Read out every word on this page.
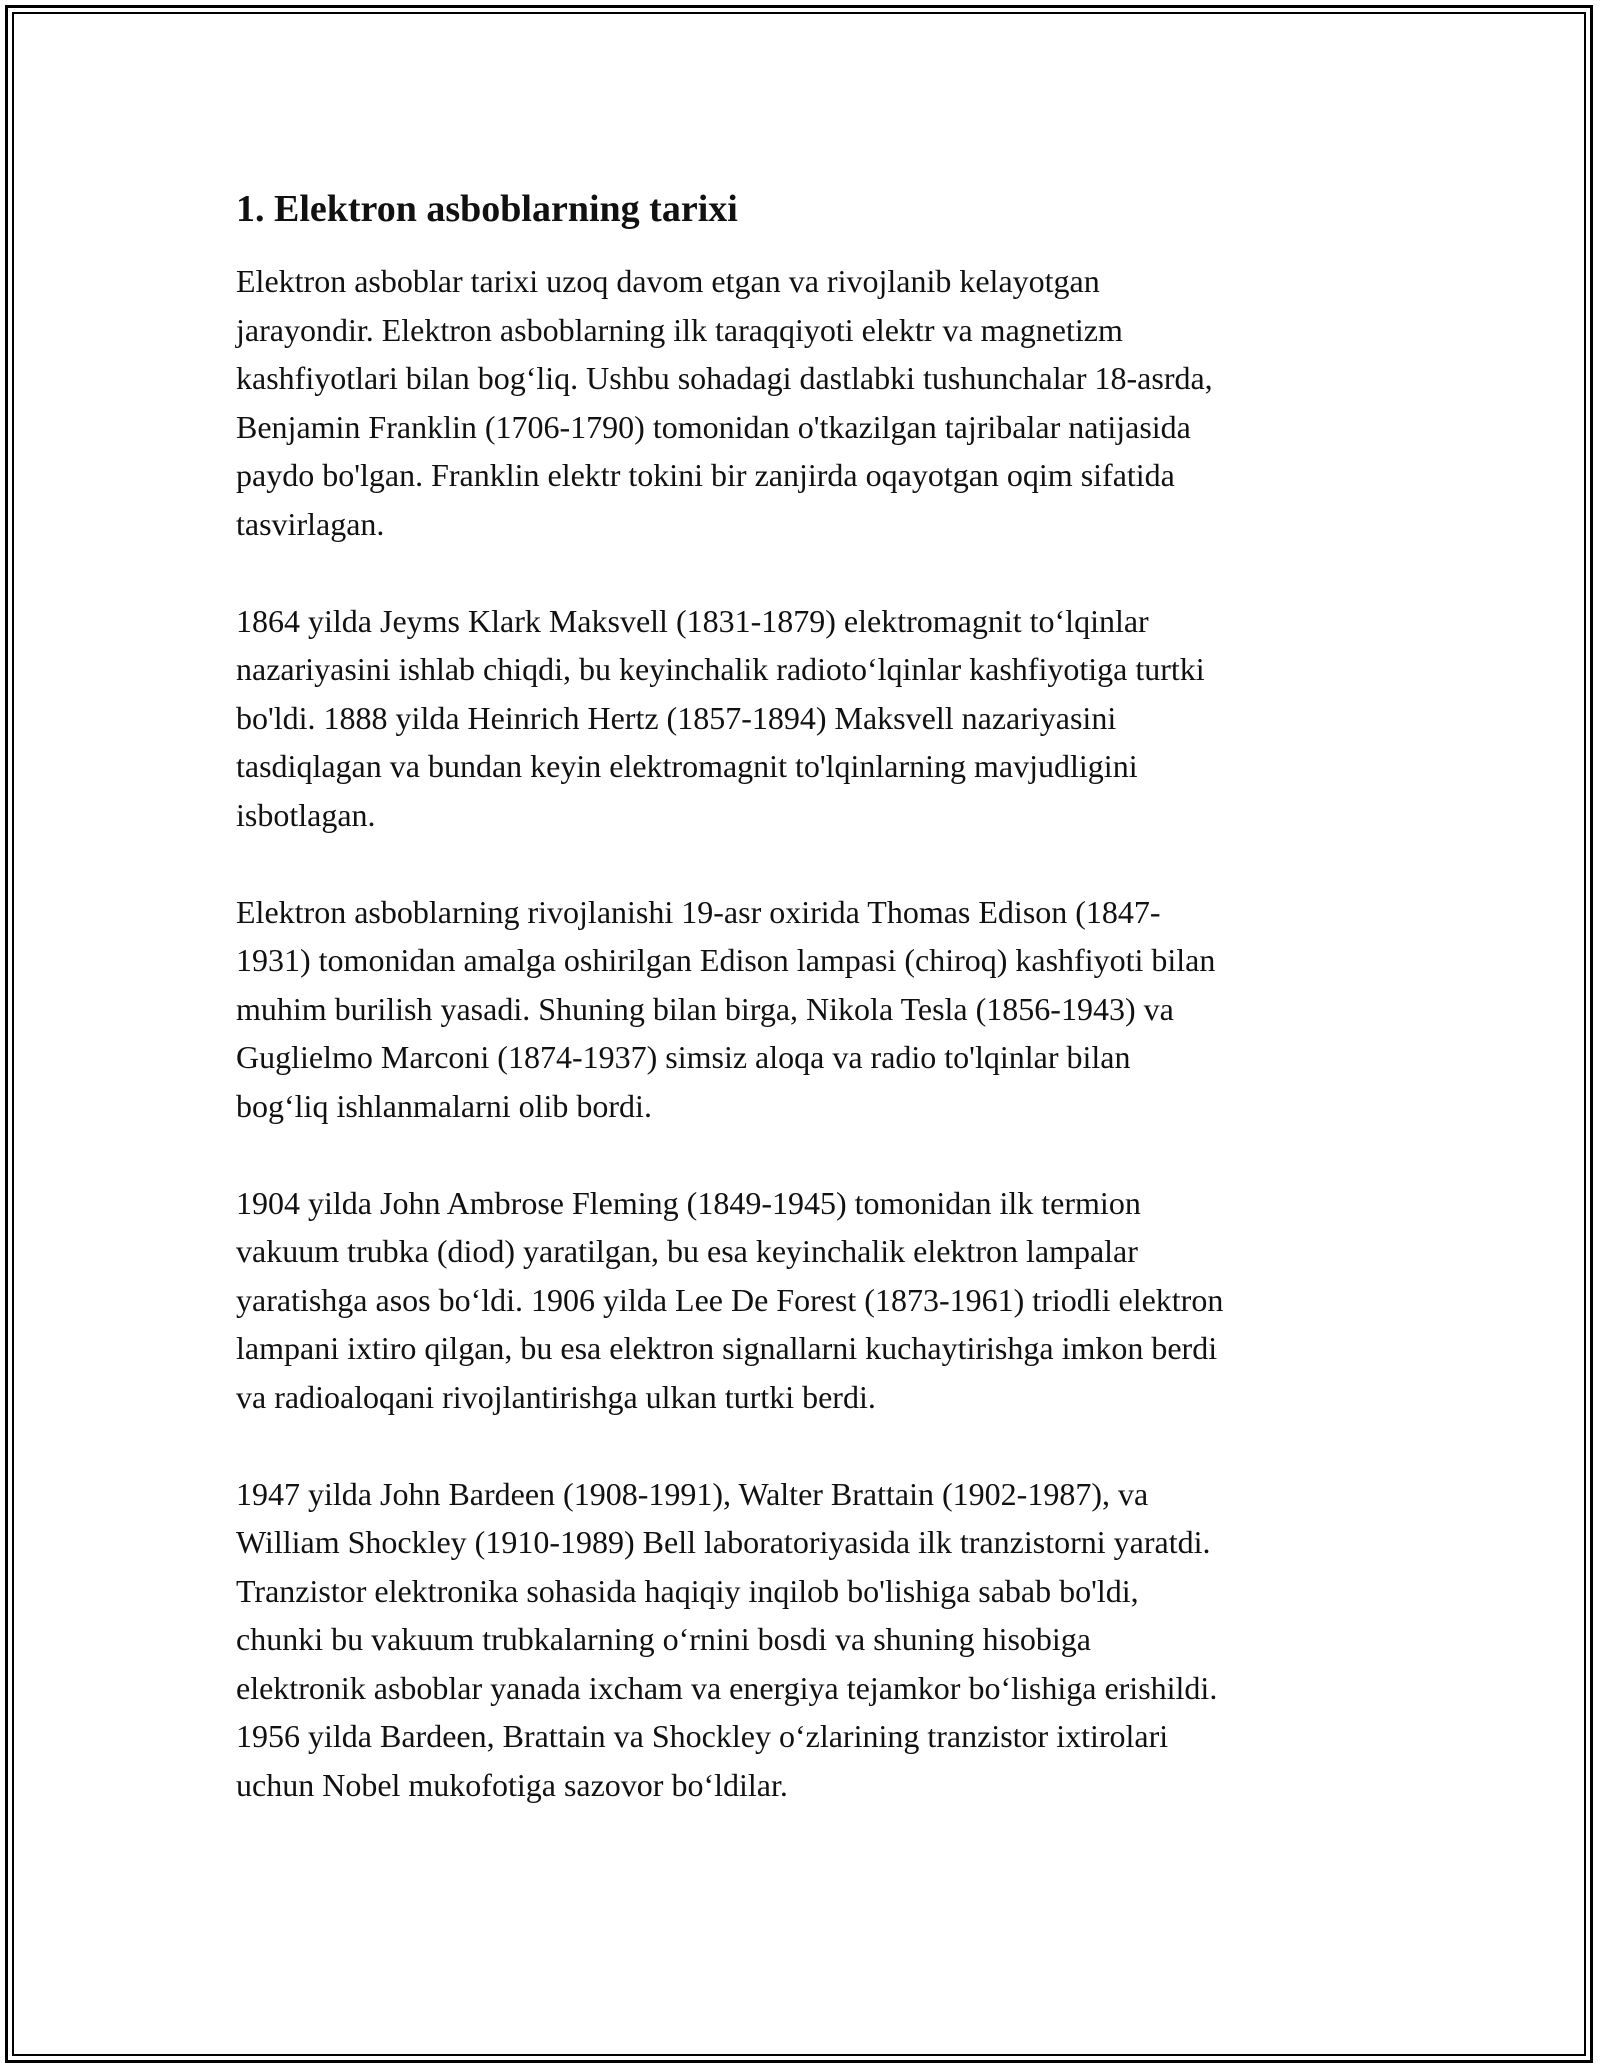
1. Elektron asboblarning tarixi

Elektron asboblar tarixi uzoq davom etgan va rivojlanib kelayotgan
jarayondir. Elektron asboblarning ilk taraqqiyoti elektr va magnetizm
kashfiyotlari bilan bog‘liq. Ushbu sohadagi dastlabki tushunchalar 18-asrda,
Benjamin Franklin (1706-1790) tomonidan o'tkazilgan tajribalar natijasida
paydo bo'lgan. Franklin elektr tokini bir zanjirda oqayotgan oqim sifatida
tasvirlagan.

1864 yilda Jeyms Klark Maksvell (1831-1879) elektromagnit to‘lqinlar
nazariyasini ishlab chiqdi, bu keyinchalik radioto‘lqinlar kashfiyotiga turtki
bo'ldi. 1888 yilda Heinrich Hertz (1857-1894) Maksvell nazariyasini
tasdiqlagan va bundan keyin elektromagnit to'lqinlarning mavjudligini
isbotlagan.

Elektron asboblarning rivojlanishi 19-asr oxirida Thomas Edison (1847-
1931) tomonidan amalga oshirilgan Edison lampasi (chiroq) kashfiyoti bilan
muhim burilish yasadi. Shuning bilan birga, Nikola Tesla (1856-1943) va
Guglielmo Marconi (1874-1937) simsiz aloqa va radio to'lqinlar bilan
bog‘liq ishlanmalarni olib bordi.

1904 yilda John Ambrose Fleming (1849-1945) tomonidan ilk termion
vakuum trubka (diod) yaratilgan, bu esa keyinchalik elektron lampalar
yaratishga asos bo‘ldi. 1906 yilda Lee De Forest (1873-1961) triodli elektron
lampani ixtiro qilgan, bu esa elektron signallarni kuchaytirishga imkon berdi
va radioaloqani rivojlantirishga ulkan turtki berdi.

1947 yilda John Bardeen (1908-1991), Walter Brattain (1902-1987), va
William Shockley (1910-1989) Bell laboratoriyasida ilk tranzistorni yaratdi.
Tranzistor elektronika sohasida haqiqiy inqilob bo'lishiga sabab bo'ldi,
chunki bu vakuum trubkalarning o‘rnini bosdi va shuning hisobiga
elektronik asboblar yanada ixcham va energiya tejamkor bo‘lishiga erishildi.
1956 yilda Bardeen, Brattain va Shockley o‘zlarining tranzistor ixtirolari
uchun Nobel mukofotiga sazovor bo‘ldilar.
